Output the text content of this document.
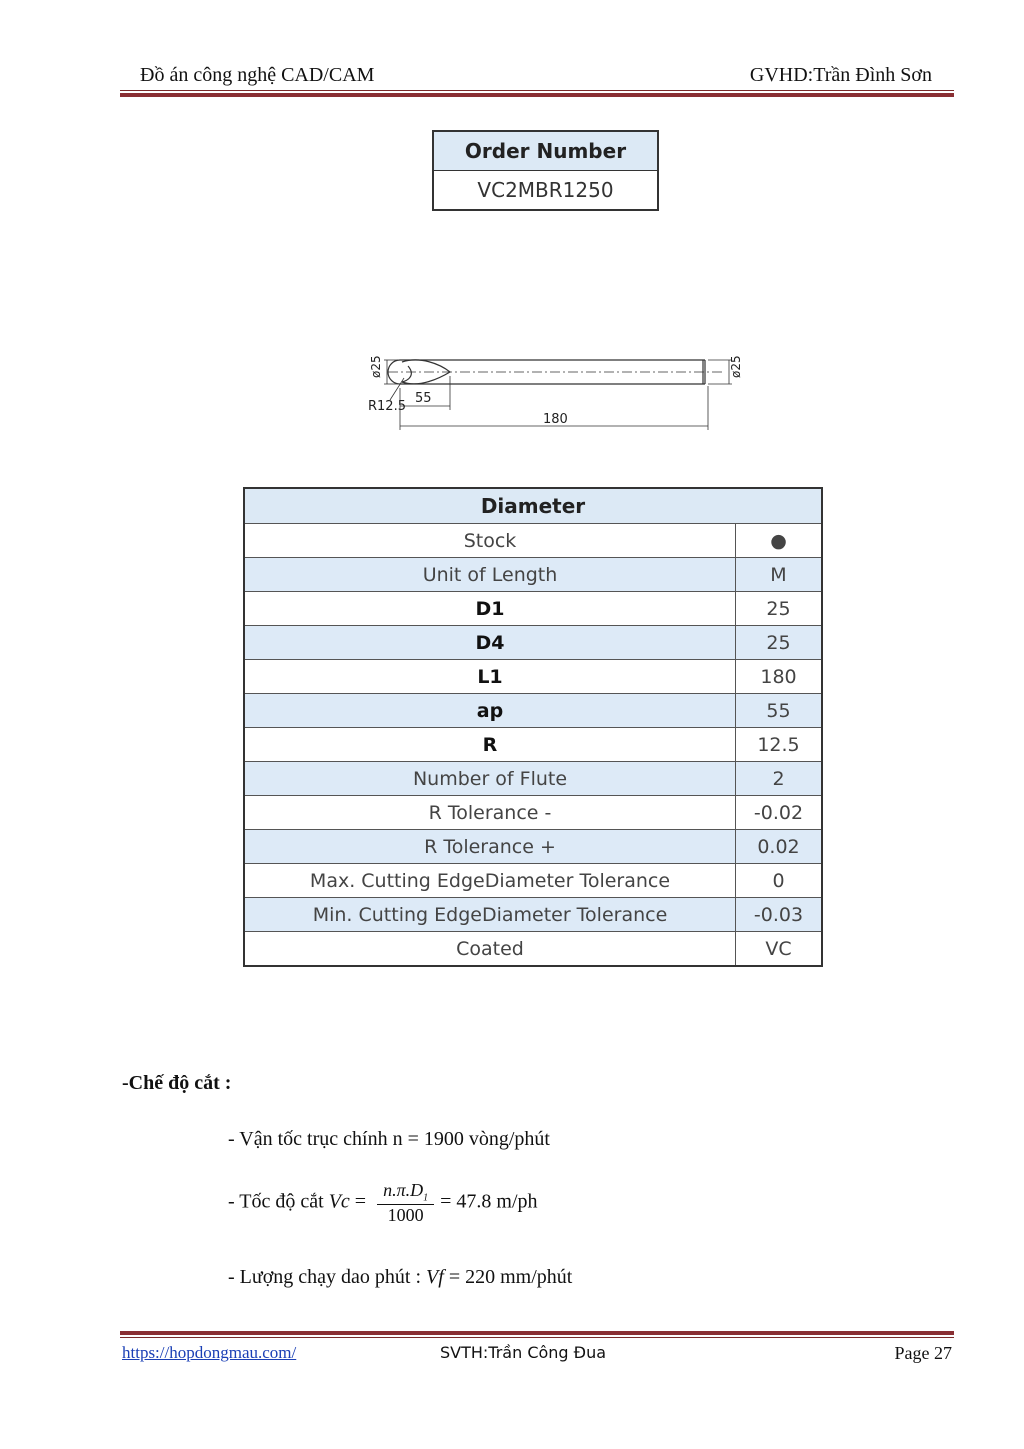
Đồ án công nghệ CAD/CAM	GVHD:Trần Đình Sơn
Order Number
VC2MBR1250
ø25	ø25
55
R12.5
180
Diameter	
Stock	●
Unit of Length	M
D1	25
D4	25
L1	180
ap	55
R	12.5
Number of Flute	2
R Tolerance -	-0.02
R Tolerance +	0.02
Max. Cutting EdgeDiameter Tolerance	0
Min. Cutting EdgeDiameter Tolerance	-0.03
Coated	VC
-Chế độ cắt :
- Vận tốc trục chính n = 1900 vòng/phút
- Tốc độ cắt $Vc = \frac{n.\pi.D_1}{1000} = 47.8$ m/ph
- Lượng chạy dao phút : Vf = 220 mm/phút
https://hopdongmau.com/	SVTH:Trần Công Đua	Page 27
